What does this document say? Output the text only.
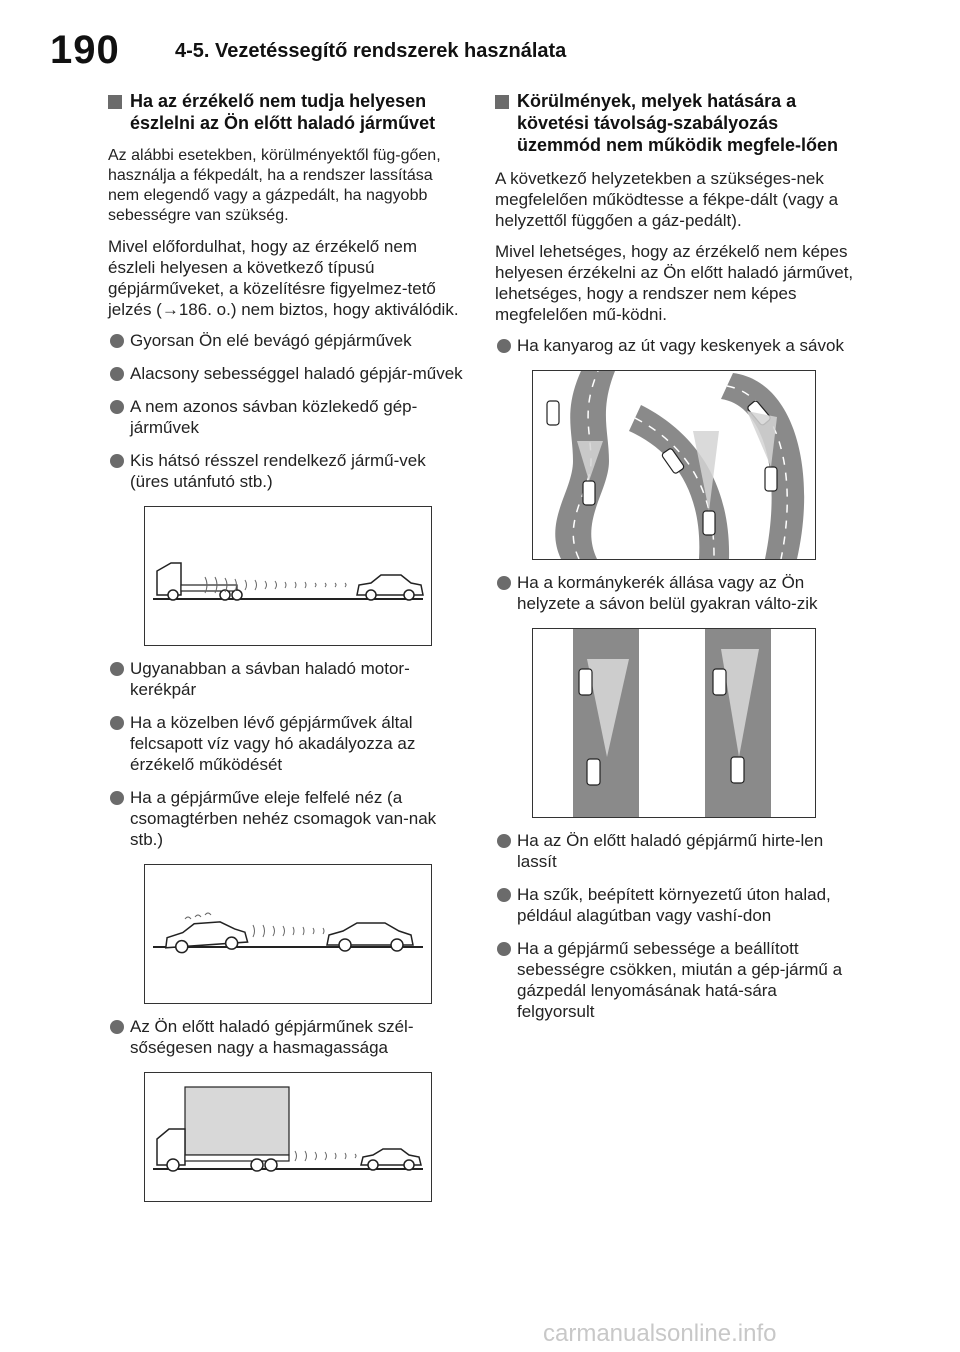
190	4-5. Vezetéssegítő rendszerek használata
Ha az érzékelő nem tudja helyesen észlelni az Ön előtt haladó járművet

Az alábbi esetekben, körülményektől füg-gően, használja a fékpedált, ha a rendszer lassítása nem elegendő vagy a gázpedált, ha nagyobb sebességre van szükség.

Mivel előfordulhat, hogy az érzékelő nem észleli helyesen a következő típusú gépjárműveket, a közelítésre figyelmez-tető jelzés (→186. o.) nem biztos, hogy aktiválódik.

Gyorsan Ön elé bevágó gépjárművek
Alacsony sebességgel haladó gépjár-művek
A nem azonos sávban közlekedő gép-járművek
Kis hátsó résszel rendelkező jármű-vek (üres utánfutó stb.)
Ugyanabban a sávban haladó motor-kerékpár
Ha a közelben lévő gépjárművek által felcsapott víz vagy hó akadályozza az érzékelő működését
Ha a gépjárműve eleje felfelé néz (a csomagtérben nehéz csomagok van-nak stb.)
Az Ön előtt haladó gépjárműnek szél-sőségesen nagy a hasmagassága
Körülmények, melyek hatására a követési távolság-szabályozás üzemmód nem működik megfele-lően

A következő helyzetekben a szükséges-nek megfelelően működtesse a fékpe-dált (vagy a helyzettől függően a gáz-pedált).

Mivel lehetséges, hogy az érzékelő nem képes helyesen érzékelni az Ön előtt haladó járművet, lehetséges, hogy a rendszer nem képes megfelelően mű-ködni.

Ha kanyarog az út vagy keskenyek a sávok
Ha a kormánykerék állása vagy az Ön helyzete a sávon belül gyakran válto-zik
Ha az Ön előtt haladó gépjármű hirte-len lassít
Ha szűk, beépített környezetű úton halad, például alagútban vagy vashí-don
Ha a gépjármű sebessége a beállított sebességre csökken, miután a gép-jármű a gázpedál lenyomásának hatá-sára felgyorsult
carmanualsonline.info
